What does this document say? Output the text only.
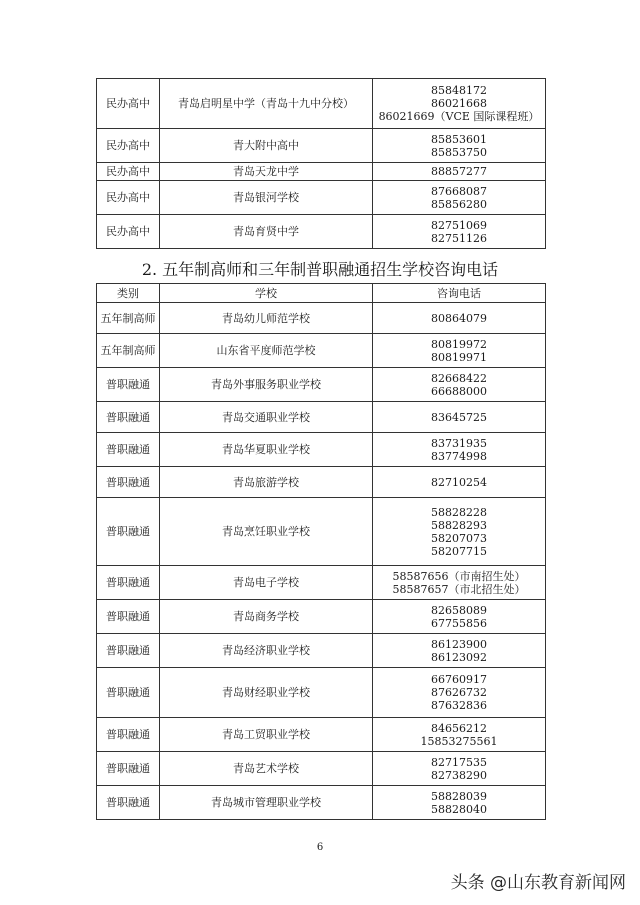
民办高中	青岛启明星中学（青岛十九中分校）	85848172
86021668
86021669（VCE 国际课程班）

民办高中	青大附中高中	85853601
85853750

民办高中	青岛天龙中学	88857277

民办高中	青岛银河学校	87668087
85856280

民办高中	青岛育贤中学	82751069
82751126
2. 五年制高师和三年制普职融通招生学校咨询电话
类别	学校	咨询电话
五年制高师	青岛幼儿师范学校	80864079

五年制高师	山东省平度师范学校	80819972
80819971

普职融通	青岛外事服务职业学校	82668422
66688000

普职融通	青岛交通职业学校	83645725

普职融通	青岛华夏职业学校	83731935
83774998

普职融通	青岛旅游学校	82710254

普职融通	青岛烹饪职业学校	58828228
58828293
58207073
58207715

普职融通	青岛电子学校	58587656（市南招生处）
58587657（市北招生处）

普职融通	青岛商务学校	82658089
67755856

普职融通	青岛经济职业学校	86123900
86123092

普职融通	青岛财经职业学校	66760917
87626732
87632836

普职融通	青岛工贸职业学校	84656212
15853275561

普职融通	青岛艺术学校	82717535
82738290

普职融通	青岛城市管理职业学校	58828039
58828040
6
头条 @山东教育新闻网
